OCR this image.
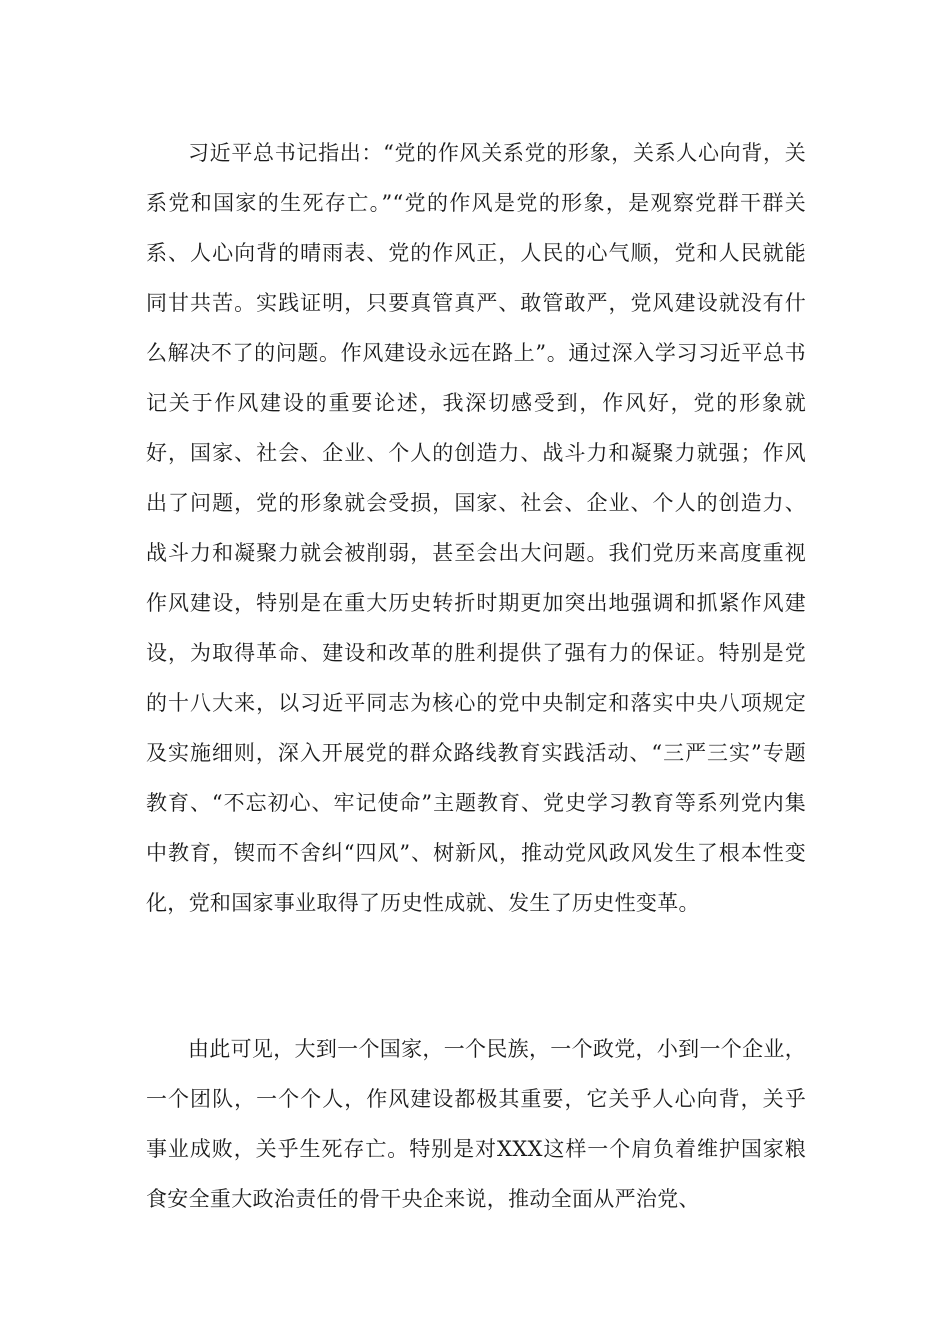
习近平总书记指出：“党的作风关系党的形象，关系人心向背，关系党和国家的生死存亡。”“党的作风是党的形象，是观察党群干群关系、人心向背的晴雨表、党的作风正，人民的心气顺，党和人民就能同甘共苦。实践证明，只要真管真严、敢管敢严，党风建设就没有什么解决不了的问题。作风建设永远在路上”。通过深入学习习近平总书记关于作风建设的重要论述，我深切感受到，作风好，党的形象就好，国家、社会、企业、个人的创造力、战斗力和凝聚力就强；作风出了问题，党的形象就会受损，国家、社会、企业、个人的创造力、战斗力和凝聚力就会被削弱，甚至会出大问题。我们党历来高度重视作风建设，特别是在重大历史转折时期更加突出地强调和抓紧作风建设，为取得革命、建设和改革的胜利提供了强有力的保证。特别是党的十八大来，以习近平同志为核心的党中央制定和落实中央八项规定及实施细则，深入开展党的群众路线教育实践活动、“三严三实”专题教育、“不忘初心、牢记使命”主题教育、党史学习教育等系列党内集中教育，锲而不舍纠“四风”、树新风，推动党风政风发生了根本性变化，党和国家事业取得了历史性成就、发生了历史性变革。

由此可见，大到一个国家，一个民族，一个政党，小到一个企业，一个团队，一个个人，作风建设都极其重要，它关乎人心向背，关乎事业成败，关乎生死存亡。特别是对XXX这样一个肩负着维护国家粮食安全重大政治责任的骨干央企来说，推动全面从严治党、
